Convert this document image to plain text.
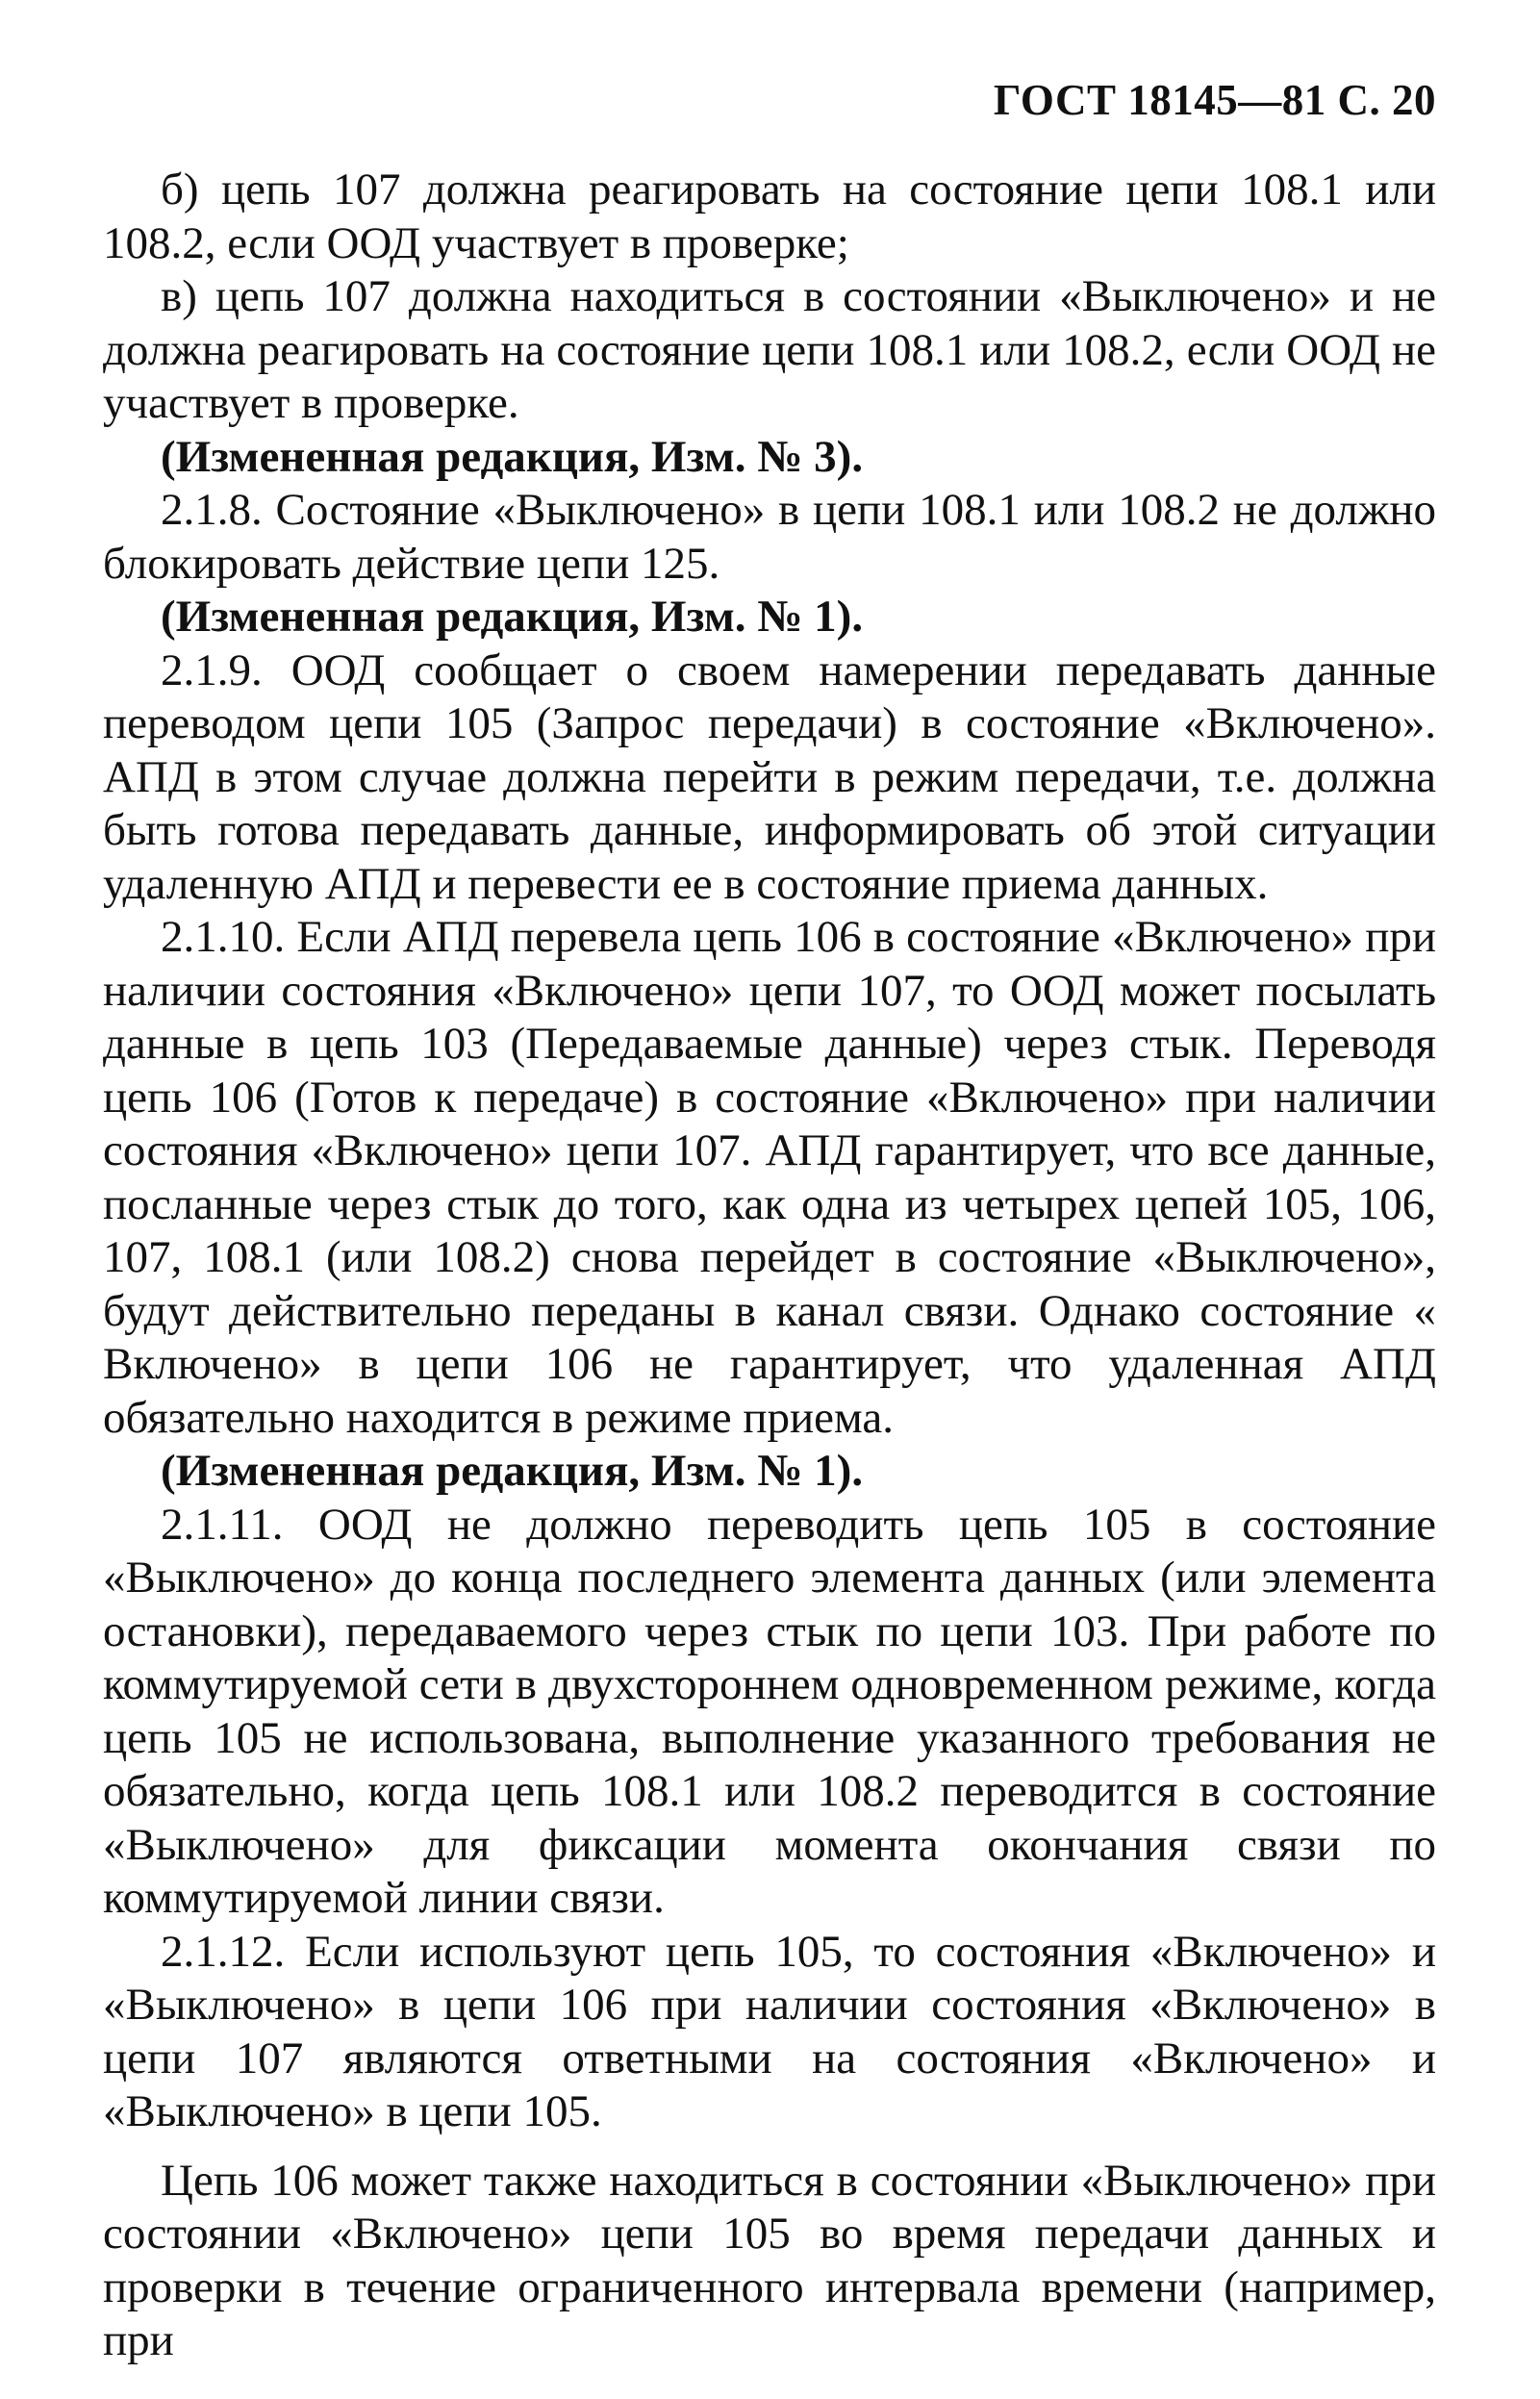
ГОСТ 18145—81 С. 20

б) цепь 107 должна реагировать на состояние цепи 108.1 или 108.2, если ООД участвует в проверке;

в) цепь 107 должна находиться в состоянии «Выключено» и не должна реагировать на состояние цепи 108.1 или 108.2, если ООД не участвует в проверке.

(Измененная редакция, Изм. № 3).

2.1.8. Состояние «Выключено» в цепи 108.1 или 108.2 не должно блокировать действие цепи 125.

(Измененная редакция, Изм. № 1).

2.1.9. ООД сообщает о своем намерении передавать данные переводом цепи 105 (Запрос передачи) в состояние «Включено». АПД в этом случае должна перейти в режим передачи, т.е. должна быть готова передавать данные, информировать об этой ситуации удаленную АПД и перевести ее в состояние приема данных.

2.1.10. Если АПД перевела цепь 106 в состояние «Включено» при наличии состояния «Включено» цепи 107, то ООД может посылать данные в цепь 103 (Передаваемые данные) через стык. Переводя цепь 106 (Готов к передаче) в состояние «Включено» при наличии состояния «Включено» цепи 107. АПД гарантирует, что все данные, посланные через стык до того, как одна из четырех цепей 105, 106, 107, 108.1 (или 108.2) снова перейдет в состояние «Выключено», будут действительно переданы в канал связи. Однако состояние « Включено» в цепи 106 не гарантирует, что удаленная АПД обязательно находится в режиме приема.

(Измененная редакция, Изм. № 1).

2.1.11. ООД не должно переводить цепь 105 в состояние «Выключено» до конца последнего элемента данных (или элемента остановки), передаваемого через стык по цепи 103. При работе по коммутируемой сети в двухстороннем одновременном режиме, когда цепь 105 не использована, выполнение указанного требования не обязательно, когда цепь 108.1 или 108.2 переводится в состояние «Выключено» для фиксации момента окончания связи по коммутируемой линии связи.

2.1.12. Если используют цепь 105, то состояния «Включено» и «Выключено» в цепи 106 при наличии состояния «Включено» в цепи 107 являются ответными на состояния «Включено» и «Выключено» в цепи 105.

Цепь 106 может также находиться в состоянии «Выключено» при состоянии «Включено» цепи 105 во время передачи данных и проверки в течение ограниченного интервала времени (например, при
